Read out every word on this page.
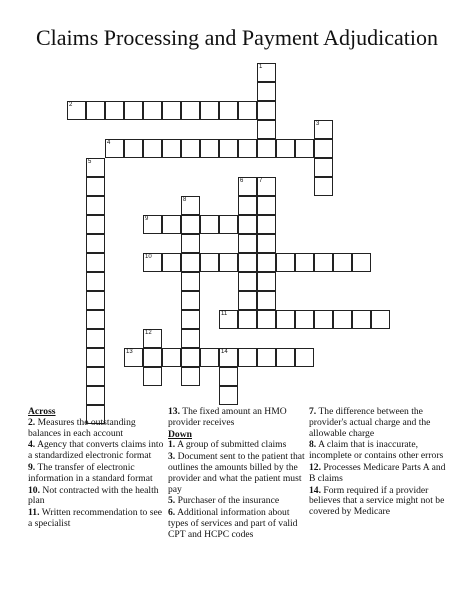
Claims Processing and Payment Adjudication
2
4
9
10
11
13	14
1
3
5
6	7
8
12
Across

2. Measures the outstanding balances in each account

4. Agency that converts claims into a standardized electronic format

9. The transfer of electronic information in a standard format

10. Not contracted with the health plan

11. Written recommendation to see a specialist

13. The fixed amount an HMO provider receives

Down

1. A group of submitted claims

3. Document sent to the patient that outlines the amounts billed by the provider and what the patient must pay

5. Purchaser of the insurance

6. Additional information about types of services and part of valid CPT and HCPC codes

7. The difference between the provider's actual charge and the allowable charge

8. A claim that is inaccurate, incomplete or contains other errors

12. Processes Medicare Parts A and B claims

14. Form required if a provider believes that a service might not be covered by Medicare
